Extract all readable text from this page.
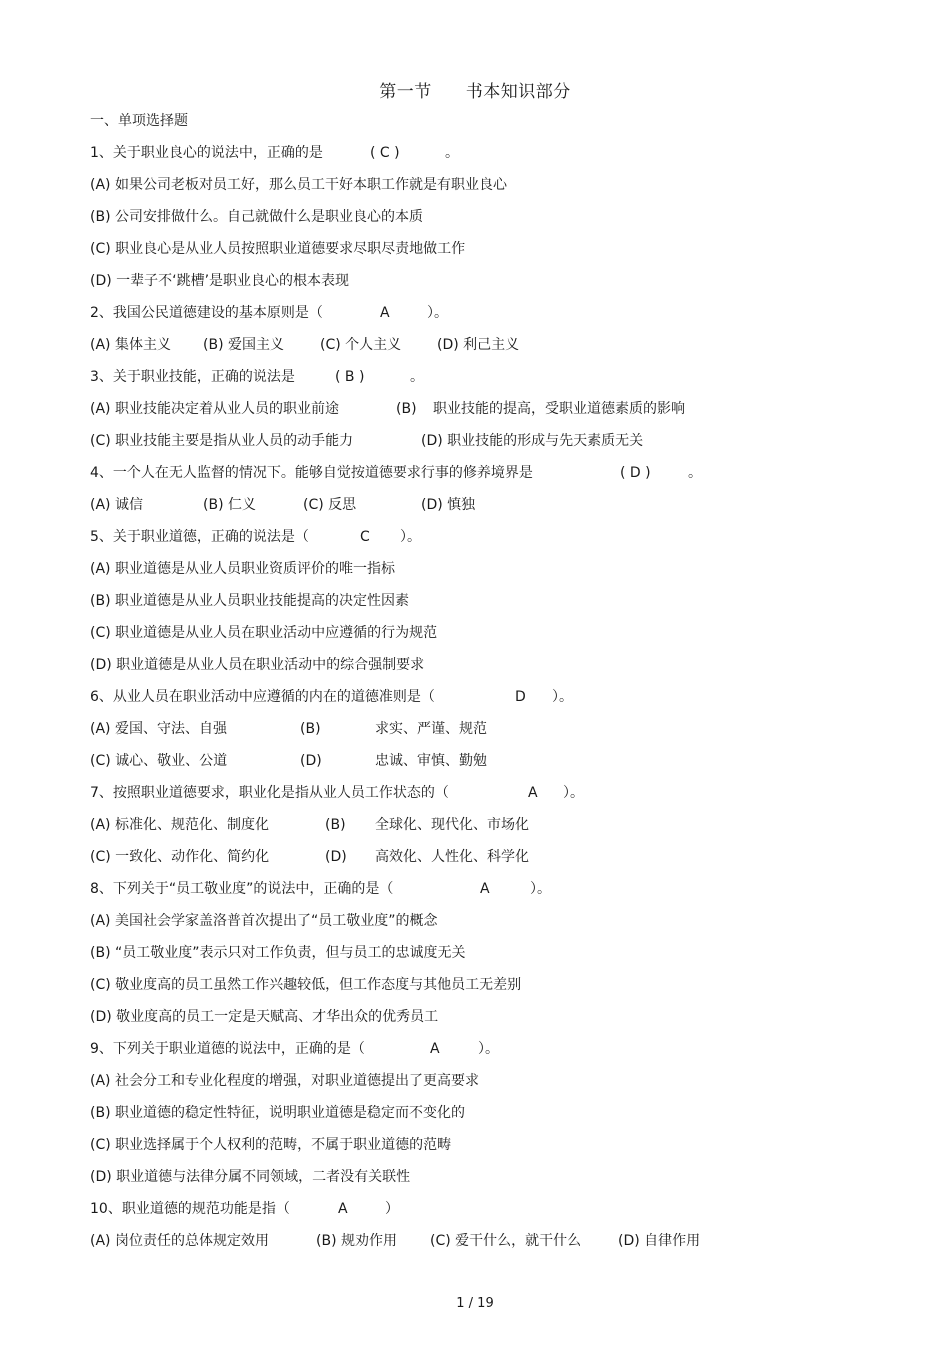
第一节 书本知识部分
一、单项选择题
1、关于职业良心的说法中，正确的是	( C )	。
(A) 如果公司老板对员工好，那么员工干好本职工作就是有职业良心
(B) 公司安排做什么。自己就做什么是职业良心的本质
(C) 职业良心是从业人员按照职业道德要求尽职尽责地做工作
(D) 一辈子不‘跳槽’是职业良心的根本表现
2、我国公民道德建设的基本原则是（	A	）。
(A) 集体主义 (B) 爱国主义	(C) 个人主义	(D) 利己主义
3、关于职业技能，正确的说法是	( B )	。
(A) 职业技能决定着从业人员的职业前途	(B) 职业技能的提高，受职业道德素质的影响
(C) 职业技能主要是指从业人员的动手能力	(D) 职业技能的形成与先天素质无关
4、一个人在无人监督的情况下。能够自觉按道德要求行事的修养境界是	( D )	。
(A) 诚信	(B) 仁义	(C) 反思	(D) 慎独
5、关于职业道德，正确的说法是（	C ）。
(A) 职业道德是从业人员职业资质评价的唯一指标
(B) 职业道德是从业人员职业技能提高的决定性因素
(C) 职业道德是从业人员在职业活动中应遵循的行为规范
(D) 职业道德是从业人员在职业活动中的综合强制要求
6、从业人员在职业活动中应遵循的内在的道德准则是（	D ）。
(A) 爱国、守法、自强	(B)	求实、严谨、规范
(C) 诚心、敬业、公道	(D)	忠诚、审慎、勤勉
7、按照职业道德要求，职业化是指从业人员工作状态的（	A ）。
(A) 标准化、规范化、制度化	(B) 全球化、现代化、市场化
(C) 一致化、动作化、简约化	(D) 高效化、人性化、科学化
8、下列关于“员工敬业度”的说法中，正确的是（	A	）。
(A) 美国社会学家盖洛普首次提出了“员工敬业度”的概念
(B) “员工敬业度”表示只对工作负责，但与员工的忠诚度无关
(C) 敬业度高的员工虽然工作兴趣较低，但工作态度与其他员工无差别
(D) 敬业度高的员工一定是天赋高、才华出众的优秀员工
9、下列关于职业道德的说法中，正确的是（	A	）。
(A) 社会分工和专业化程度的增强，对职业道德提出了更高要求
(B) 职业道德的稳定性特征，说明职业道德是稳定而不变化的
(C) 职业选择属于个人权利的范畴，不属于职业道德的范畴
(D) 职业道德与法律分属不同领域，二者没有关联性
10、职业道德的规范功能是指（	A	）
(A) 岗位责任的总体规定效用	(B) 规劝作用 (C) 爱干什么，就干什么	(D) 自律作用
1 / 19
